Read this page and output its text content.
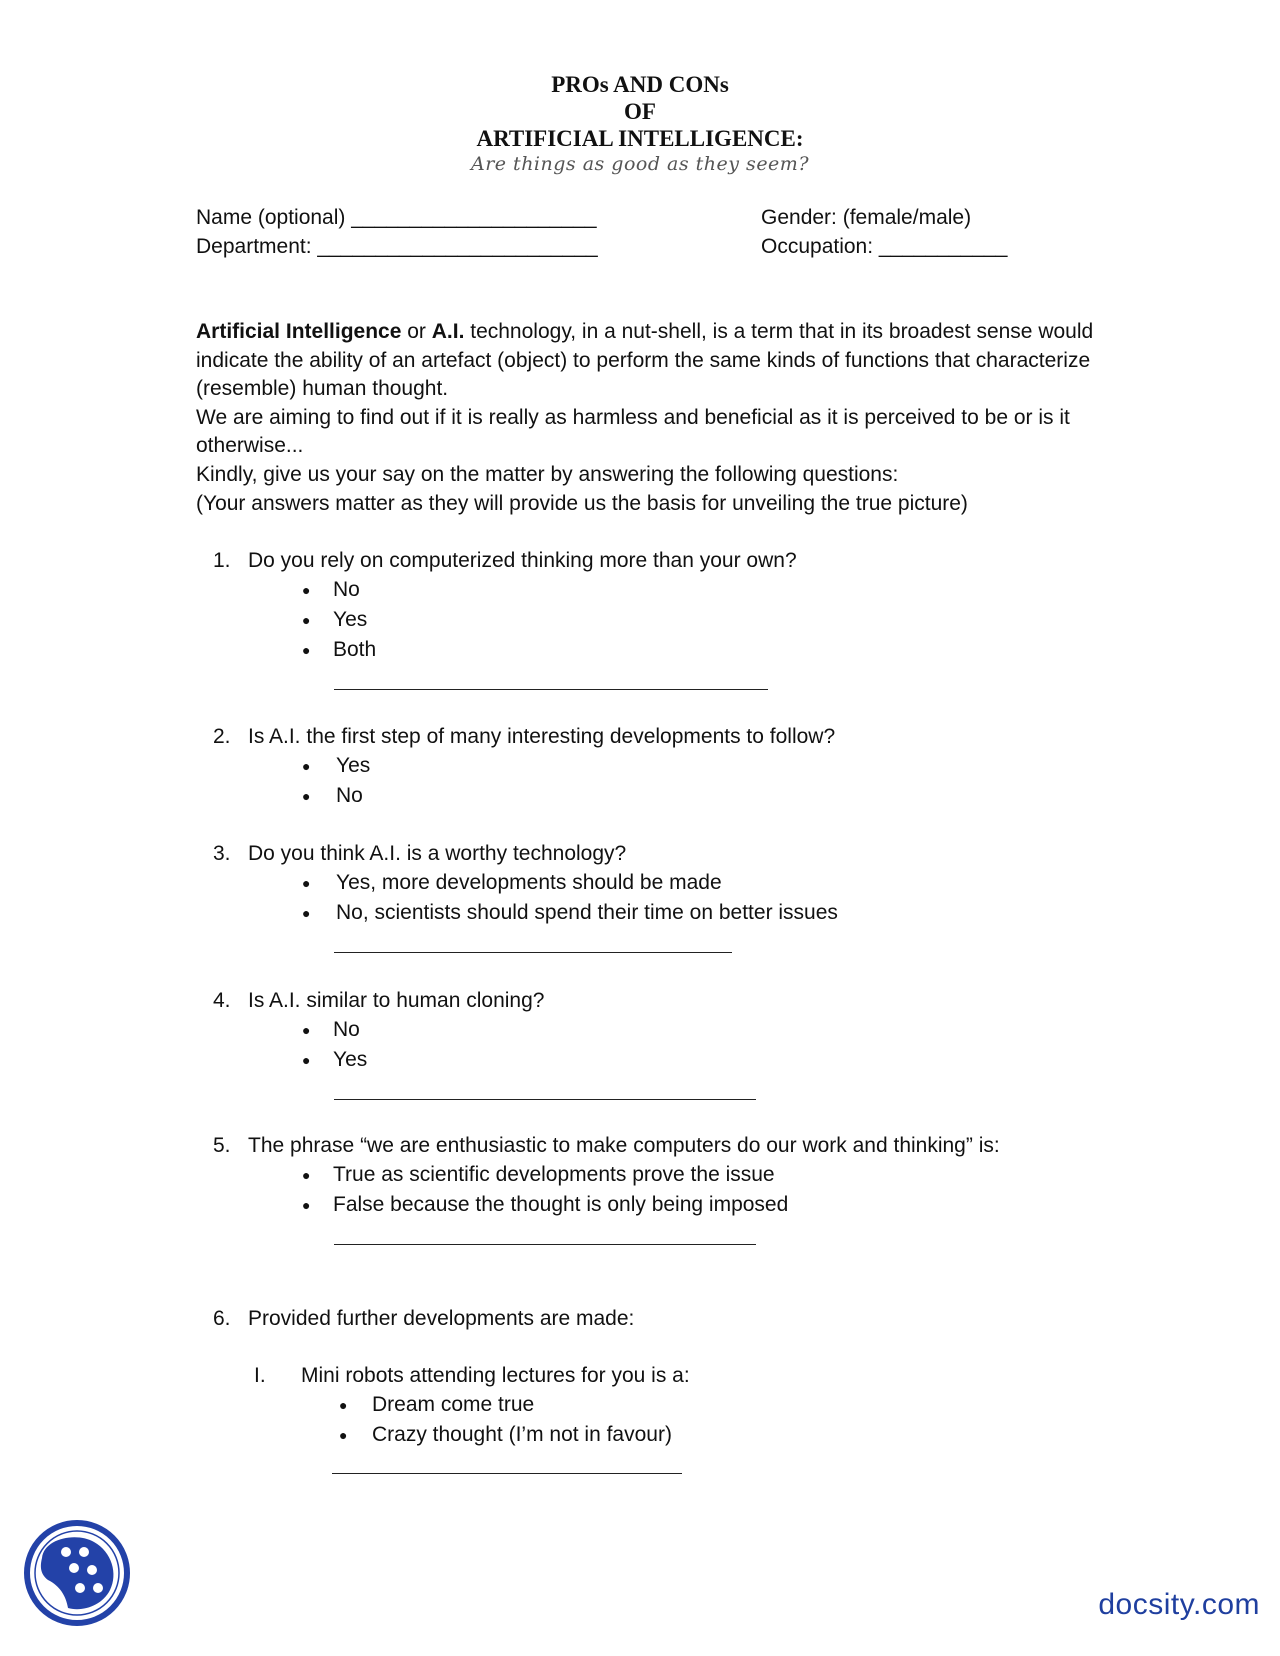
PROs AND CONs
OF
ARTIFICIAL INTELLIGENCE:
Are things as good as they seem?
Name (optional) _____________________	Gender: (female/male)
Department: ________________________	Occupation: ___________

Artificial Intelligence or A.I. technology, in a nut-shell, is a term that in its broadest sense would indicate the ability of an artefact (object) to perform the same kinds of functions that characterize (resemble) human thought.

We are aiming to find out if it is really as harmless and beneficial as it is perceived to be or is it otherwise...

Kindly, give us your say on the matter by answering the following questions:

(Your answers matter as they will provide us the basis for unveiling the true picture)

1. Do you rely on computerized thinking more than your own?
● No
● Yes
● Both
2. Is A.I. the first step of many interesting developments to follow?
● Yes
● No
3. Do you think A.I. is a worthy technology?
● Yes, more developments should be made
● No, scientists should spend their time on better issues
4. Is A.I. similar to human cloning?
● No
● Yes
5. The phrase “we are enthusiastic to make computers do our work and thinking” is:
● True as scientific developments prove the issue
● False because the thought is only being imposed
6. Provided further developments are made:
I. Mini robots attending lectures for you is a:
● Dream come true
● Crazy thought (I’m not in favour)
docsity.com
